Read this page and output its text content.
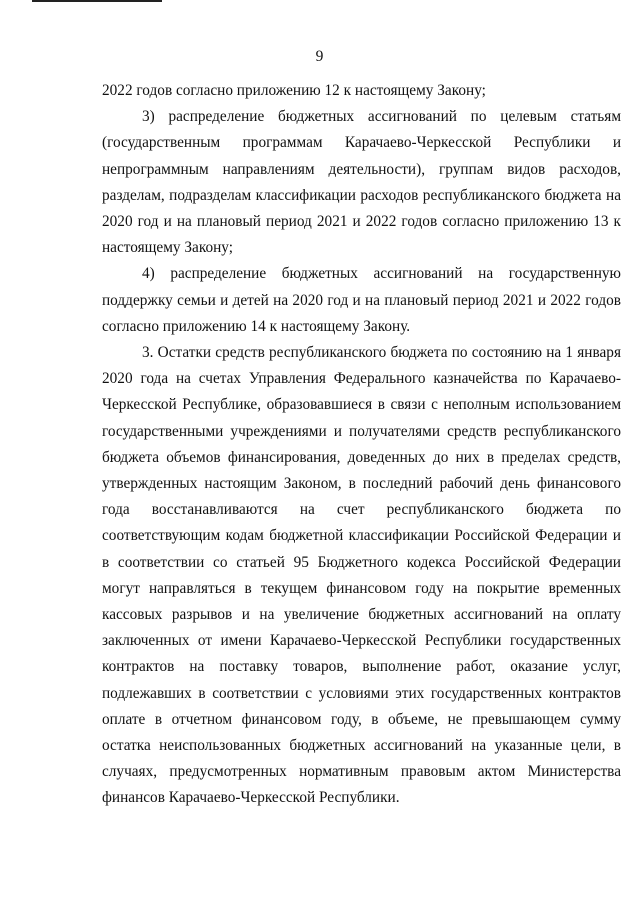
9

2022 годов согласно приложению 12 к настоящему Закону;

3) распределение бюджетных ассигнований по целевым статьям (государственным программам Карачаево-Черкесской Республики и непрограммным направлениям деятельности), группам видов расходов, разделам, подразделам классификации расходов республиканского бюджета на 2020 год и на плановый период 2021 и 2022 годов согласно приложению 13 к настоящему Закону;

4) распределение бюджетных ассигнований на государственную поддержку семьи и детей на 2020 год и на плановый период 2021 и 2022 годов согласно приложению 14 к настоящему Закону.

3. Остатки средств республиканского бюджета по состоянию на 1 января 2020 года на счетах Управления Федерального казначейства по Карачаево-Черкесской Республике, образовавшиеся в связи с неполным использованием государственными учреждениями и получателями средств республиканского бюджета объемов финансирования, доведенных до них в пределах средств, утвержденных настоящим Законом, в последний рабочий день финансового года восстанавливаются на счет республиканского бюджета по соответствующим кодам бюджетной классификации Российской Федерации и в соответствии со статьей 95 Бюджетного кодекса Российской Федерации могут направляться в текущем финансовом году на покрытие временных кассовых разрывов и на увеличение бюджетных ассигнований на оплату заключенных от имени Карачаево-Черкесской Республики государственных контрактов на поставку товаров, выполнение работ, оказание услуг, подлежавших в соответствии с условиями этих государственных контрактов оплате в отчетном финансовом году, в объеме, не превышающем сумму остатка неиспользованных бюджетных ассигнований на указанные цели, в случаях, предусмотренных нормативным правовым актом Министерства финансов Карачаево-Черкесской Республики.
